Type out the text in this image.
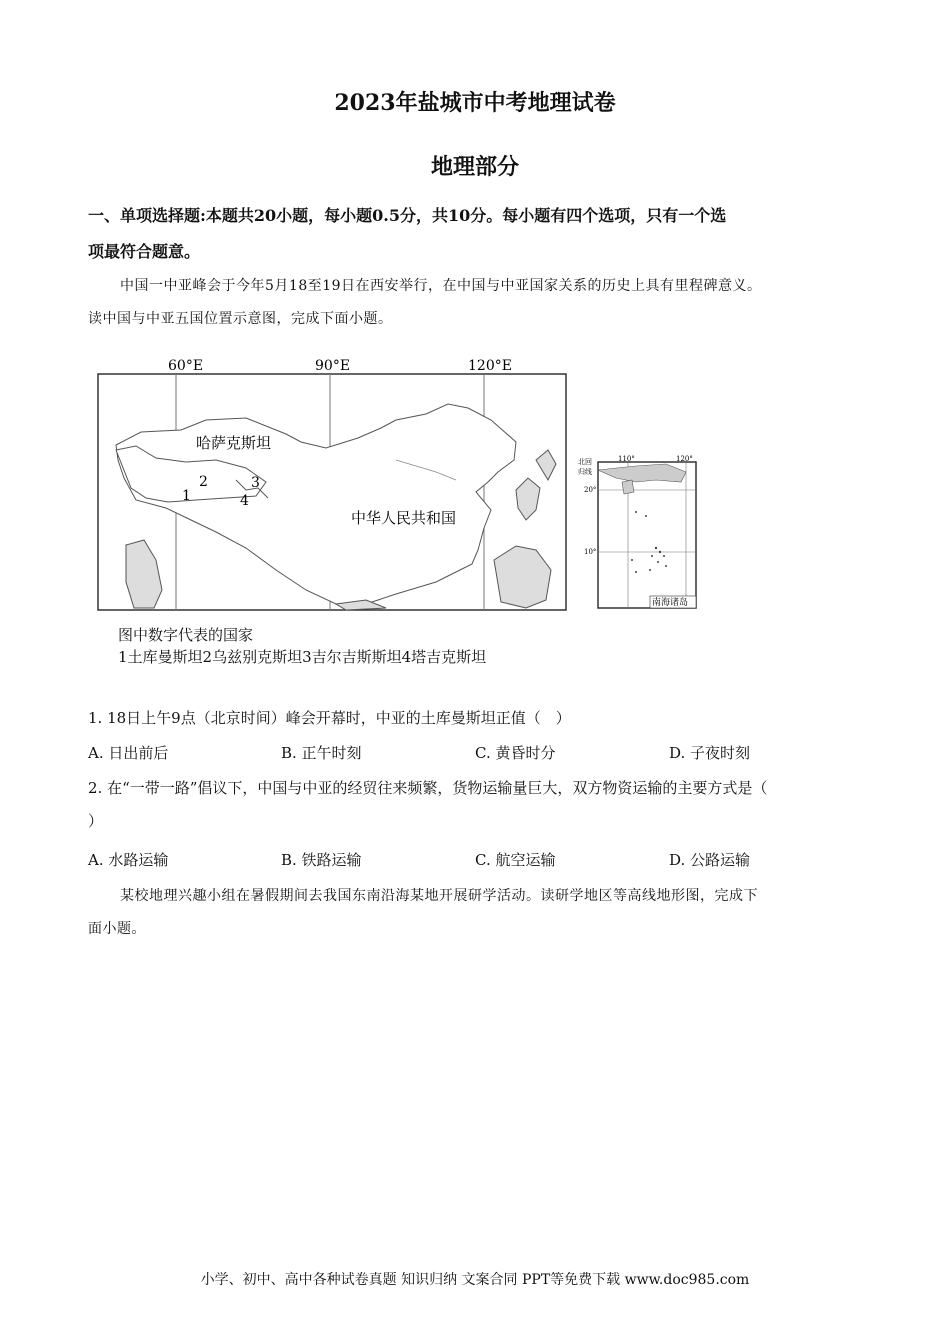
2023年盐城市中考地理试卷
地理部分
一、单项选择题:本题共20小题，每小题0.5分，共10分。每小题有四个选项，只有一个选
项最符合题意。
中国一中亚峰会于今年5月18至19日在西安举行，在中国与中亚国家关系的历史上具有里程碑意义。
读中国与中亚五国位置示意图，完成下面小题。
60°E	90°E	120°E
哈萨克斯坦
中华人民共和国
1
2	3
4
北回
归线
110°	120°
20°
10°
南海诸岛
图中数字代表的国家
1土库曼斯坦2乌兹别克斯坦3吉尔吉斯斯坦4塔吉克斯坦
1. 18日上午9点（北京时间）峰会开幕时，中亚的土库曼斯坦正值（　）
A. 日出前后	B. 正午时刻	C. 黄昏时分	D. 子夜时刻
2. 在“一带一路”倡议下，中国与中亚的经贸往来频繁，货物运输量巨大，双方物资运输的主要方式是（
）
A. 水路运输	B. 铁路运输	C. 航空运输	D. 公路运输
某校地理兴趣小组在暑假期间去我国东南沿海某地开展研学活动。读研学地区等高线地形图，完成下
面小题。
小学、初中、高中各种试卷真题 知识归纳 文案合同 PPT等免费下载 www.doc985.com
